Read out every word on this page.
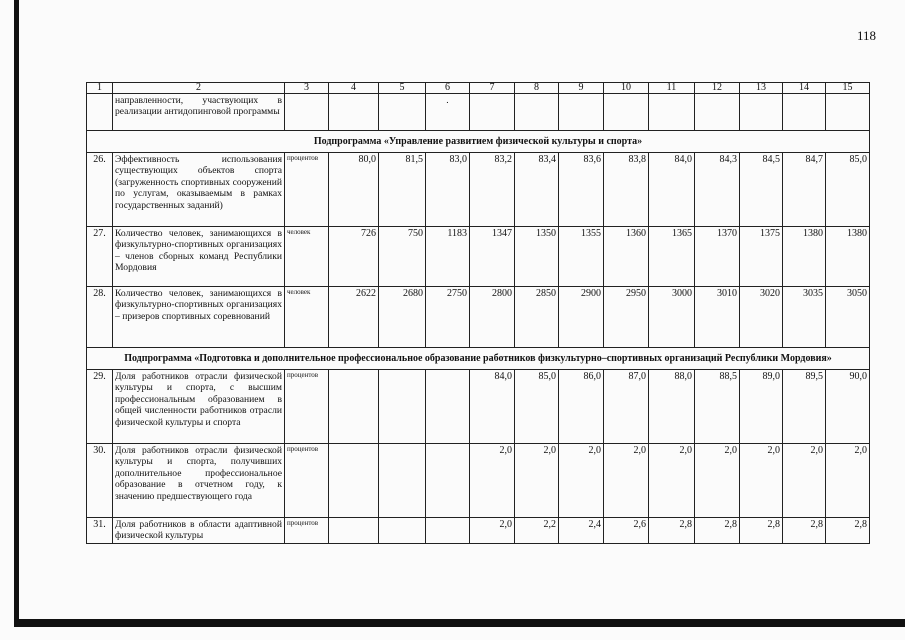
118
1	2	3	4	5	6	7	8	9	10	11	12	13	14	15
	направленности, участвующих в реализации антидопинговой программы				.									
Подпрограмма «Управление развитием физической культуры и спорта»														
26.	Эффективность использования существующих объектов спорта (загруженность спортивных сооружений по услугам, оказываемым в рамках государственных заданий)	процентов	80,0	81,5	83,0	83,2	83,4	83,6	83,8	84,0	84,3	84,5	84,7	85,0
27.	Количество человек, занимающихся в физкультурно-спортивных организациях – членов сборных команд Республики Мордовия	человек	726	750	1183	1347	1350	1355	1360	1365	1370	1375	1380	1380
28.	Количество человек, занимающихся в физкультурно-спортивных организациях – призеров спортивных соревнований	человек	2622	2680	2750	2800	2850	2900	2950	3000	3010	3020	3035	3050
Подпрограмма «Подготовка и дополнительное профессиональное образование работников физкультурно–спортивных организаций Республики Мордовия»														
29.	Доля работников отрасли физической культуры и спорта, с высшим профессиональным образованием в общей численности работников отрасли физической культуры и спорта	процентов				84,0	85,0	86,0	87,0	88,0	88,5	89,0	89,5	90,0
30.	Доля работников отрасли физической культуры и спорта, получивших дополнительное профессиональное образование в отчетном году, к значению предшествующего года	процентов				2,0	2,0	2,0	2,0	2,0	2,0	2,0	2,0	2,0
31.	Доля работников в области адаптивной физической культуры	процентов				2,0	2,2	2,4	2,6	2,8	2,8	2,8	2,8	2,8
